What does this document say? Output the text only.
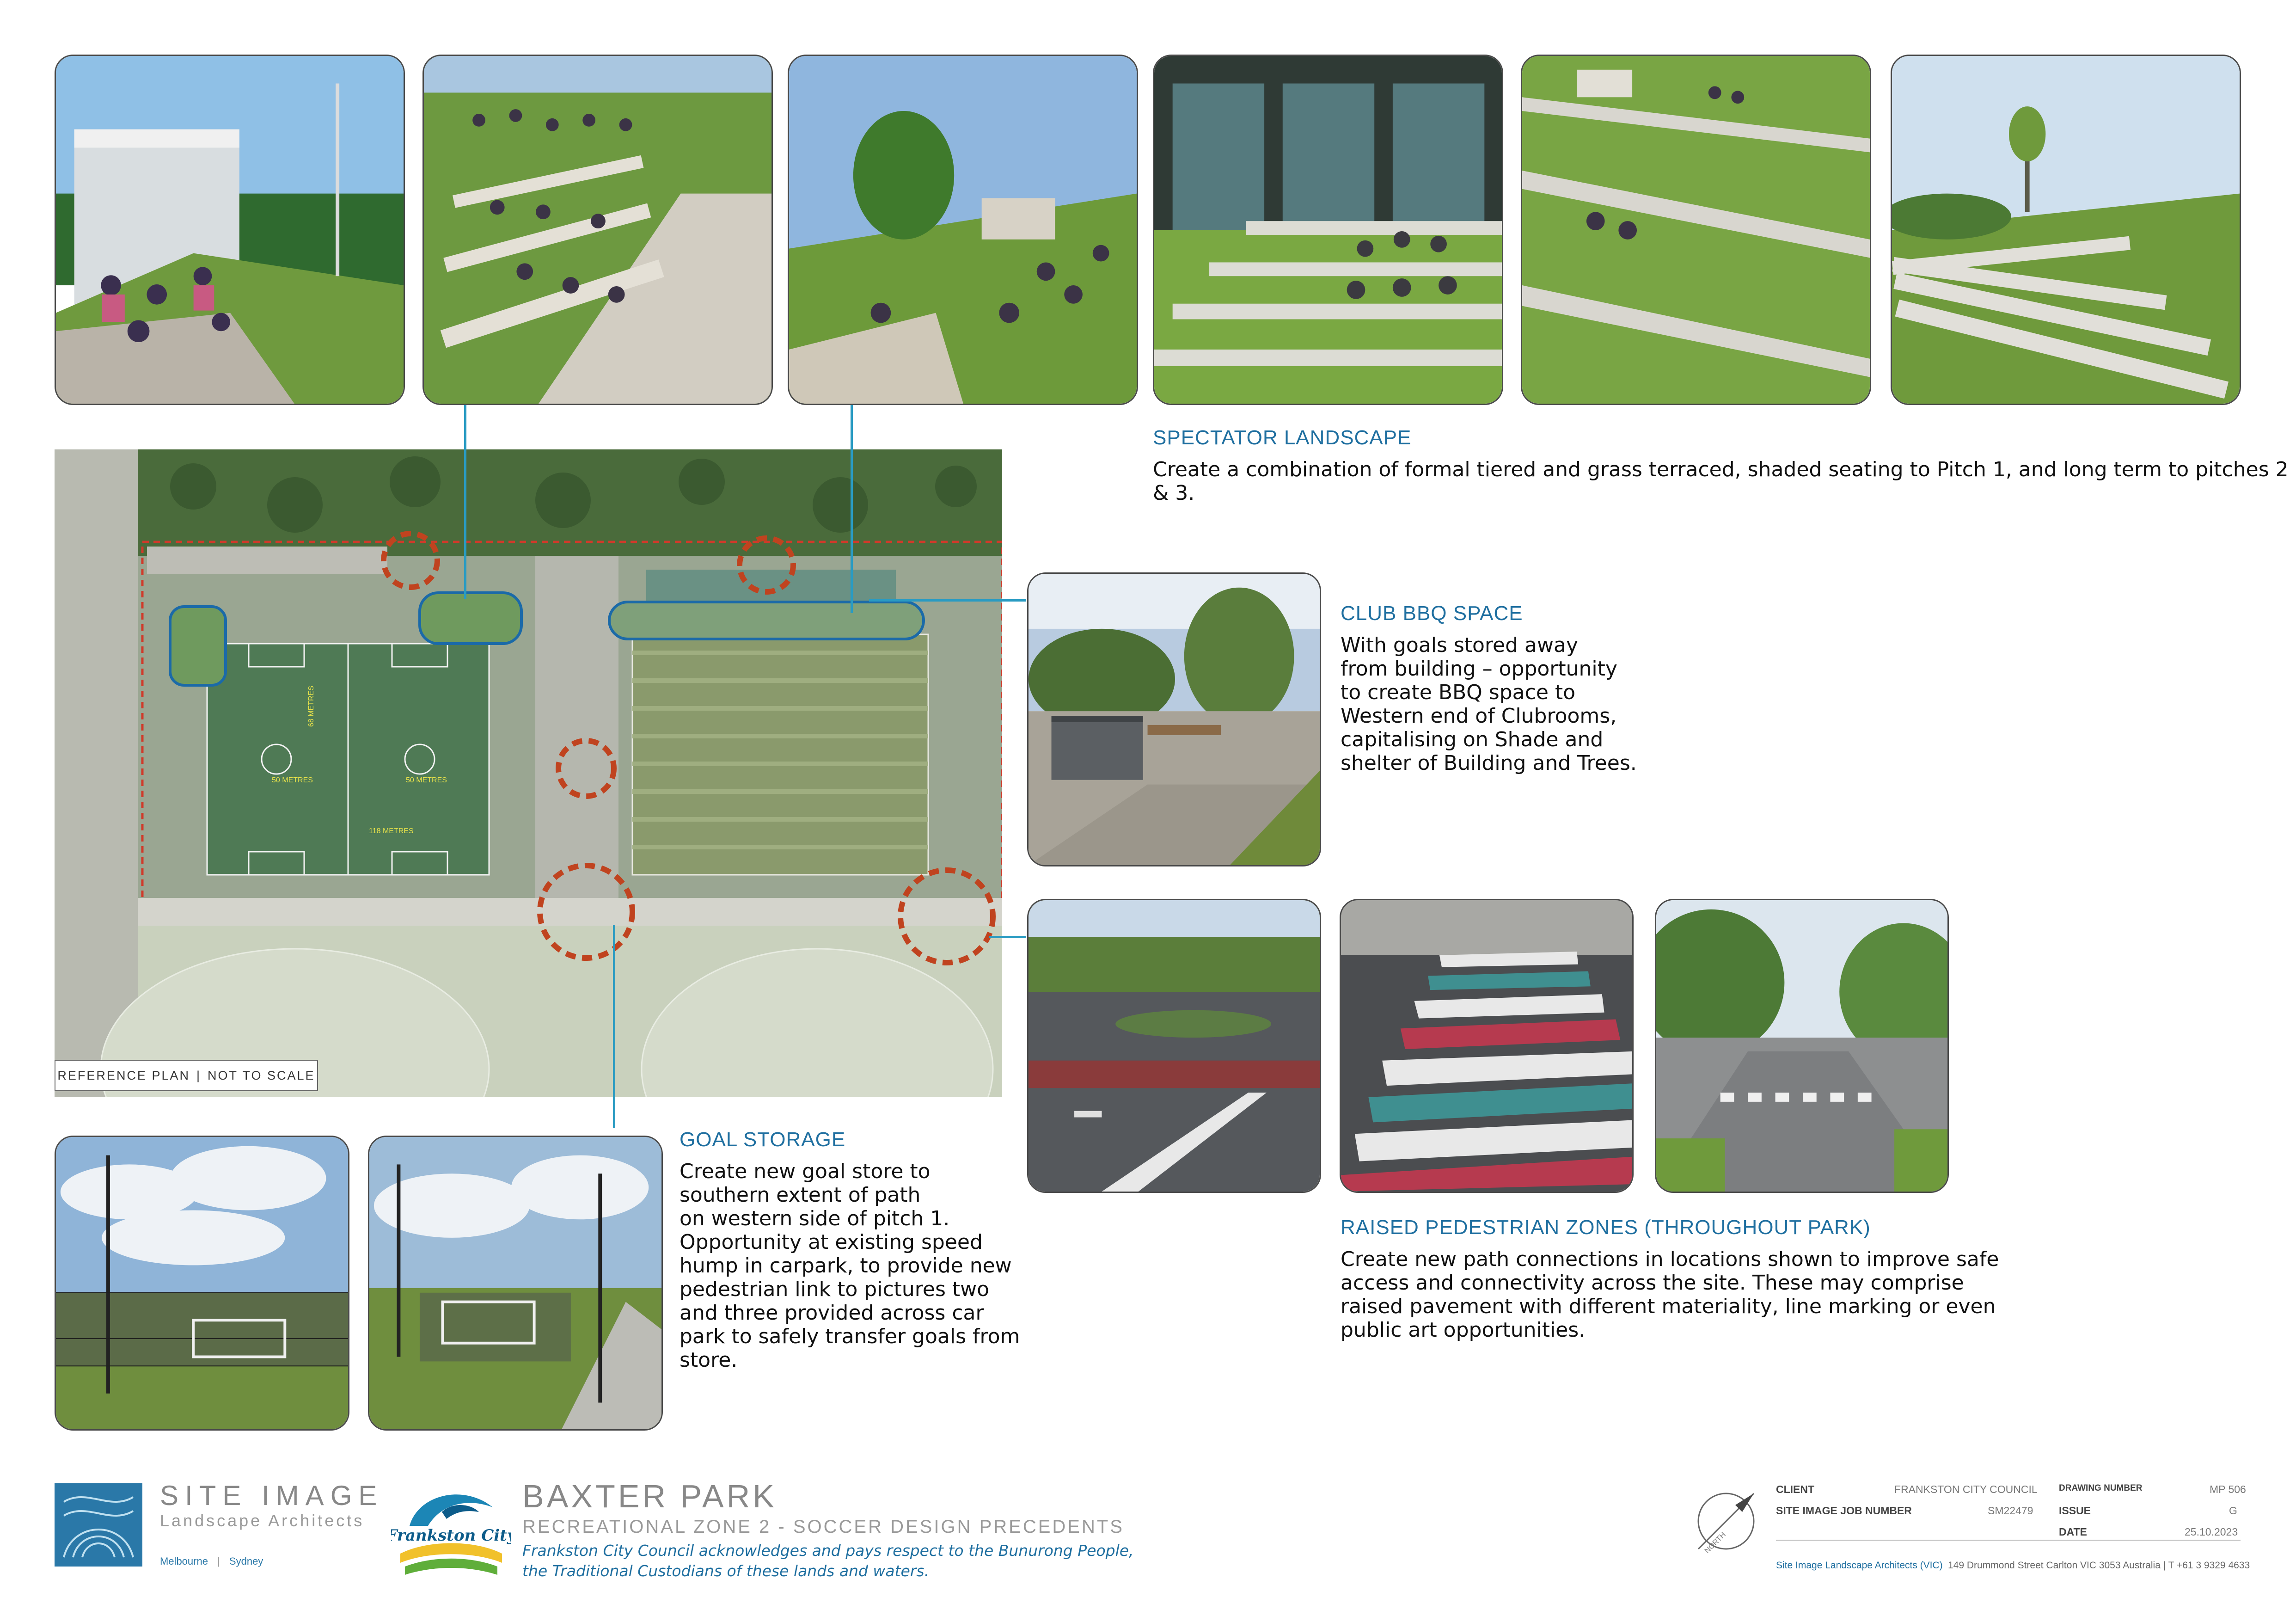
SPECTATOR LANDSCAPE
Create a combination of formal tiered and grass terraced, shaded seating to Pitch 1, and long term to pitches 2 & 3.
50 METRES	50 METRES
68 METRES
118 METRES
REFERENCE PLAN | NOT TO SCALE
CLUB BBQ SPACE
With goals stored away
from building – opportunity
to create BBQ space to
Western end of Clubrooms,
capitalising on Shade and
shelter of Building and Trees.
RAISED PEDESTRIAN ZONES (THROUGHOUT PARK)
Create new path connections in locations shown to improve safe
access and connectivity across the site. These may comprise
raised pavement with different materiality, line marking or even
public art opportunities.
GOAL STORAGE
Create new goal store to
southern extent of path
on western side of pitch 1.
Opportunity at existing speed
hump in carpark, to provide new
pedestrian link to pictures two
and three provided across car
park to safely transfer goals from
store.
SITE IMAGE
Landscape Architects
Melbourne | Sydney
Frankston City
BAXTER PARK
RECREATIONAL ZONE 2 - SOCCER DESIGN PRECEDENTS
Frankston City Council acknowledges and pays respect to the Bunurong People,
the Traditional Custodians of these lands and waters.
NORTH
CLIENT	FRANKSTON CITY COUNCIL
SITE IMAGE JOB NUMBER	SM22479
DRAWING NUMBER	MP 506
ISSUE	G
DATE	25.10.2023
Site Image Landscape Architects (VIC) 149 Drummond Street Carlton VIC 3053 Australia | T +61 3 9329 4633
